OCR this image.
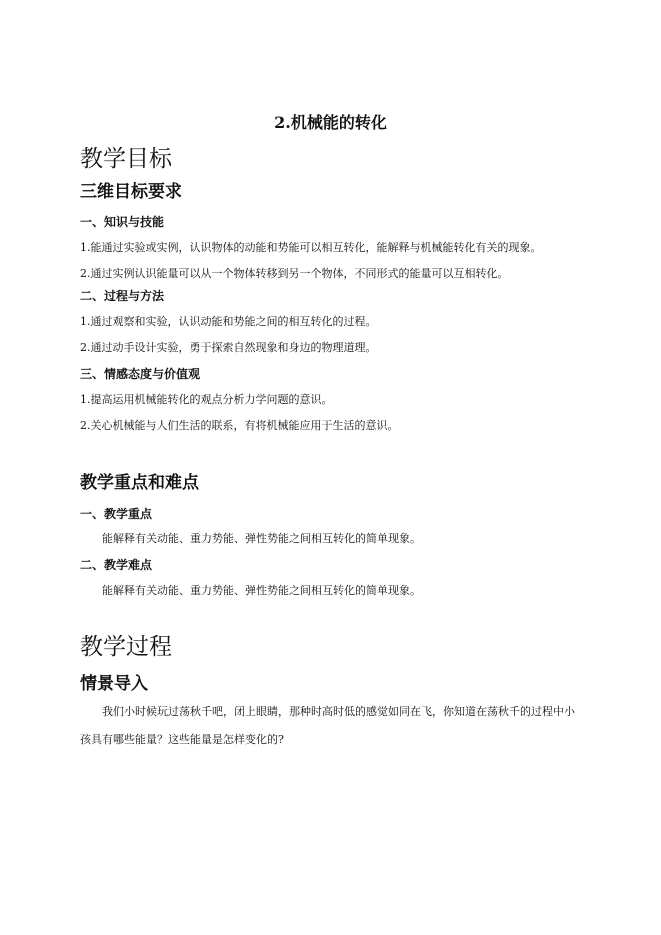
2.机械能的转化
教学目标
三维目标要求
一、知识与技能
1.能通过实验或实例，认识物体的动能和势能可以相互转化，能解释与机械能转化有关的现象。
2.通过实例认识能量可以从一个物体转移到另一个物体，不同形式的能量可以互相转化。
二、过程与方法
1.通过观察和实验，认识动能和势能之间的相互转化的过程。
2.通过动手设计实验，勇于探索自然现象和身边的物理道理。
三、情感态度与价值观
1.提高运用机械能转化的观点分析力学问题的意识。
2.关心机械能与人们生活的联系，有将机械能应用于生活的意识。
教学重点和难点
一、教学重点
能解释有关动能、重力势能、弹性势能之间相互转化的简单现象。
二、教学难点
能解释有关动能、重力势能、弹性势能之间相互转化的简单现象。
教学过程
情景导入
我们小时候玩过荡秋千吧，闭上眼睛，那种时高时低的感觉如同在飞，你知道在荡秋千的过程中小孩具有哪些能量？这些能量是怎样变化的?
